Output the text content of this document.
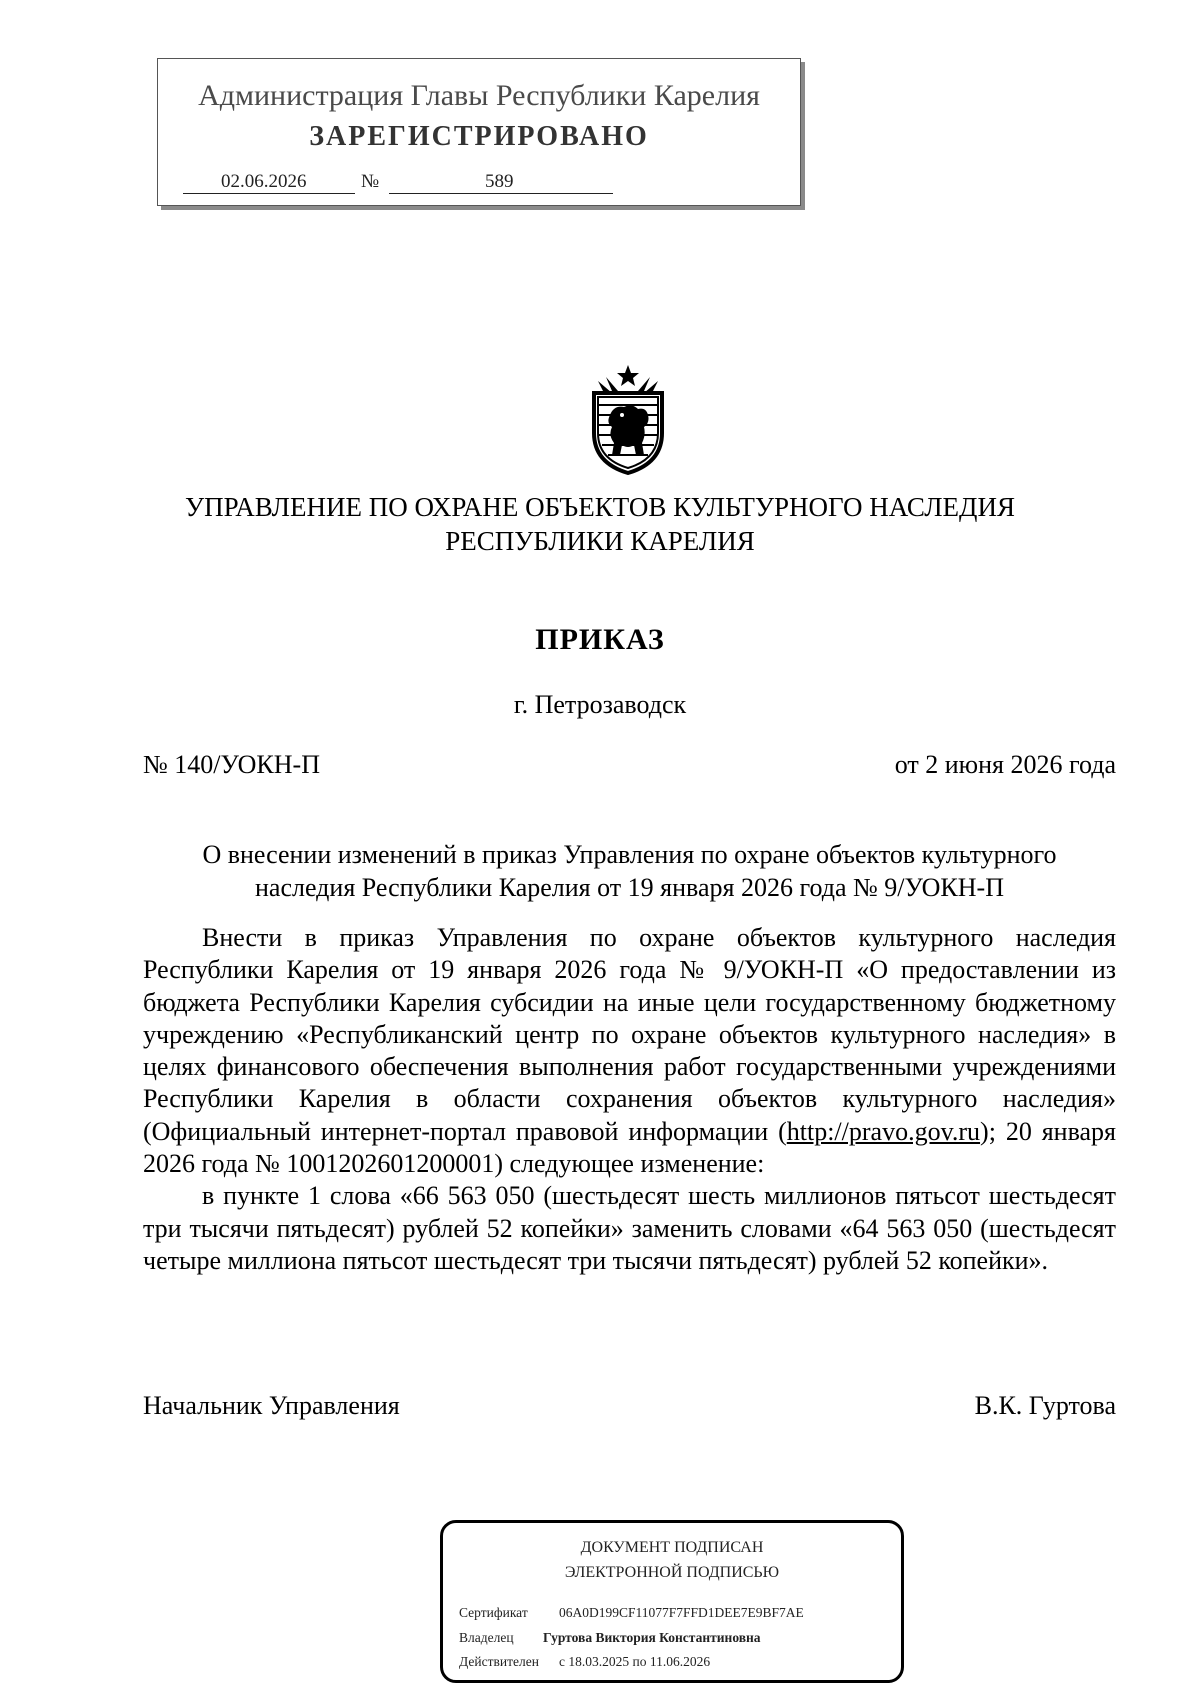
Администрация Главы Республики Карелия
ЗАРЕГИСТРИРОВАНО
02.06.2026	№	589
УПРАВЛЕНИЕ ПО ОХРАНЕ ОБЪЕКТОВ КУЛЬТУРНОГО НАСЛЕДИЯ
РЕСПУБЛИКИ КАРЕЛИЯ
ПРИКАЗ
г. Петрозаводск
№ 140/УОКН-П	от 2 июня 2026 года
О внесении изменений в приказ Управления по охране объектов культурного
наследия Республики Карелия от 19 января 2026 года № 9/УОКН-П

Внести в приказ Управления по охране объектов культурного наследия Республики Карелия от 19 января 2026 года № 9/УОКН-П «О предоставлении из бюджета Республики Карелия субсидии на иные цели государственному бюджетному учреждению «Республиканский центр по охране объектов культурного наследия» в целях финансового обеспечения выполнения работ государственными учреждениями Республики Карелия в области сохранения объектов культурного наследия» (Официальный интернет-портал правовой информации (http://pravo.gov.ru); 20 января 2026 года № 1001202601200001) следующее изменение:

в пункте 1 слова «66 563 050 (шестьдесят шесть миллионов пятьсот шестьдесят три тысячи пятьдесят) рублей 52 копейки» заменить словами «64 563 050 (шестьдесят четыре миллиона пятьсот шестьдесят три тысячи пятьдесят) рублей 52 копейки».

Начальник Управления	В.К. Гуртова
ДОКУМЕНТ ПОДПИСАН
ЭЛЕКТРОННОЙ ПОДПИСЬЮ
Сертификат 06A0D199CF11077F7FFD1DEE7E9BF7AE
Владелец Гуртова Виктория Константиновна
Действителен с 18.03.2025 по 11.06.2026
